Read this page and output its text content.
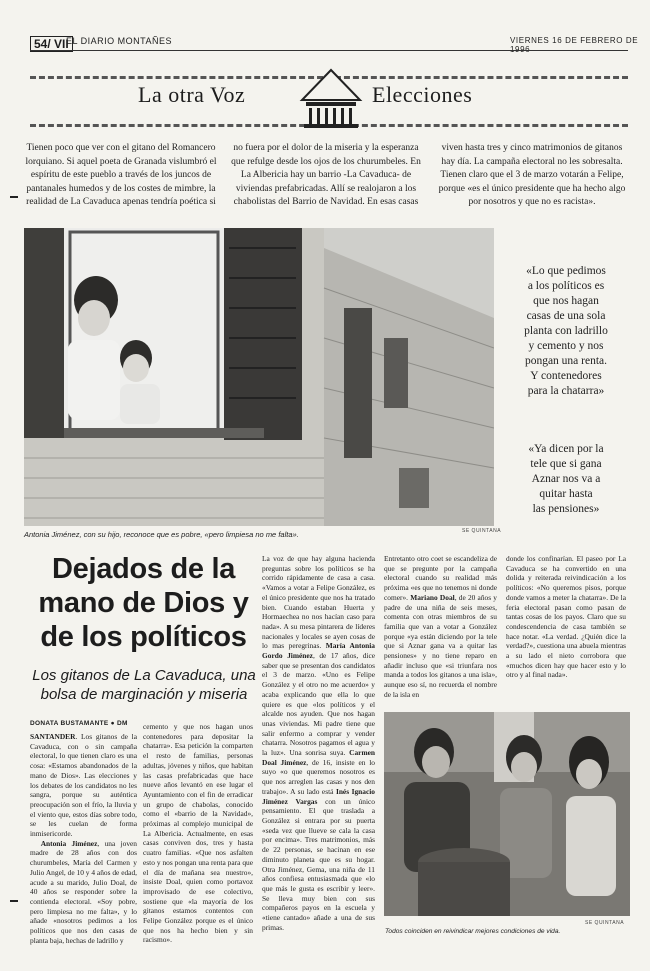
54/ VII
EL DIARIO MONTAÑES	VIERNES 16 DE FEBRERO DE 1996
La otra Voz	Elecciones

Tienen poco que ver con el gitano del Romancero

lorquiano. Si aquel poeta de Granada vislumbró el

espíritu de este pueblo a través de los juncos de

pantanales humedos y de los costes de mimbre, la

realidad de La Cavaduca apenas tendría poética si

no fuera por el dolor de la miseria y la esperanza

que refulge desde los ojos de los churumbeles. En

La Albericia hay un barrio -La Cavaduca- de

viviendas prefabricadas. Allí se realojaron a los

chabolistas del Barrio de Navidad. En esas casas

viven hasta tres y cinco matrimonios de gitanos

hay día. La campaña electoral no les sobresalta.

Tienen claro que el 3 de marzo votarán a Felipe,

porque «es el único presidente que ha hecho algo

por nosotros y que no es racista».

SE QUINTANA
Antonia Jiménez, con su hijo, reconoce que es pobre, «pero limpiesa no me falta».
«Lo que pedimos
a los políticos es
que nos hagan
casas de una sola
planta con ladrillo
y cemento y nos
pongan una renta.
Y contenedores
para la chatarra»
«Ya dicen por la
tele que si gana
Aznar nos va a
quitar hasta
las pensiones»
Dejados de la
mano de Dios y
de los políticos
Los gitanos de La Cavaduca, una
bolsa de marginación y miseria
DONATA BUSTAMANTE ● DM

SANTANDER. Los gitanos de la Cavaduca, con o sin campaña electoral, lo que tienen claro es una cosa: «Estamos abandonados de la mano de Dios». Las elecciones y los debates de los candidatos no les sangra, porque su auténtica preocupación son el frío, la lluvia y el viento que, estos días sobre todo, se les cuelan de forma inmisericorde.

Antonia Jiménez, una joven madre de 28 años con dos churumbeles, María del Carmen y Julio Angel, de 10 y 4 años de edad, acude a su marido, Julio Doal, de 40 años se responder sobre la contienda electoral. «Soy pobre, pero limpiesa no me falta», y lo añade «nosotros pedimos a los políticos que nos den casas de planta baja, hechas de ladrillo y

cemento y que nos hagan unos contenedores para depositar la chatarra». Esa petición la comparten el resto de familias, personas adultas, jóvenes y niños, que habitan las casas prefabricadas que hace nueve años levantó en ese lugar el Ayuntamiento con el fin de erradicar un grupo de chabolas, conocido como el «barrio de la Navidad», próximas al complejo municipal de La Albericia. Actualmente, en esas casas conviven dos, tres y hasta cuatro familias. «Que nos asfalten esto y nos pongan una renta para que el día de mañana sea nuestro», insiste Doal, quien como portavoz improvisado de ese colectivo, sostiene que «la mayoría de los gitanos estamos contentos con Felipe González porque es el único que nos ha hecho bien y sin racismo».

La voz de que hay alguna hacienda preguntas sobre los políticos se ha corrido rápidamente de casa a casa. «Vamos a votar a Felipe González, es el único presidente que nos ha tratado bien. Cuando estaban Huerta y Hormaechea no nos hacían caso para nada». A su mesa pintarera de líderes nacionales y locales se ayen cosas de lo mas peregrinas. María Antonia Gordo Jiménez, de 17 años, dice saber que se presentan dos candidatos el 3 de marzo. «Uno es Felipe González y el otro no me acuerdo» y acaba explicando que ella lo que quiere es que «los políticos y el alcalde nos ayuden. Que nos hagan unas viviendas. Mi padre tiene que salir enfermo a comprar y vender chatarra. Nosotros pagamos el agua y la luz». Una sonrisa suya. Carmen Doal Jiménez, de 16, insiste en lo suyo «o que queremos nosotros es que nos arreglen las casas y nos den trabajo». A su lado está Inés Ignacio Jiménez Vargas con un único pensamiento. El que traslada a González si entrara por su puerta «seda vez que llueve se cala la casa por encima». Tres matrimonios, más de 22 personas, se hacinan en ese diminuto planeta que es su hogar. Otra Jiménez, Gema, una niña de 11 años confiesa entusiasmada que «lo que más le gusta es escribir y leer». Se lleva muy bien con sus compañeros payos en la escuela y «tiene cantado» añade a una de sus primas.

Entretanto otro coet se escandeliza de que se pregunte por la campaña electoral cuando su realidad más próxima «es que no tenemos ni donde comer». Mariano Doal, de 20 años y padre de una niña de seis meses, comenta con otras miembros de su familia que van a votar a González porque «ya están diciendo por la tele que si Aznar gana va a quitar las pensiones» y no tiene reparo en añadir incluso que «si triunfara nos manda a todos los gitanos a una isla», aunque eso sí, no recuerda el nombre de la isla en

donde los confinarían. El paseo por La Cavaduca se ha convertido en una dolida y reiterada reivindicación a los políticos: «No queremos pisos, porque donde vamos a meter la chatarra». De la feria electoral pasan como pasan de tantas cosas de los payos. Claro que su condescendencia de casa también se hace notar. «La verdad. ¿Quién dice la verdad?», cuestiona una abuela mientras a su lado el nieto corrobora que «muchos dicen hay que hacer esto y lo otro y al final nada».

SE QUINTANA
Todos coinciden en reivindicar mejores condiciones de vida.
